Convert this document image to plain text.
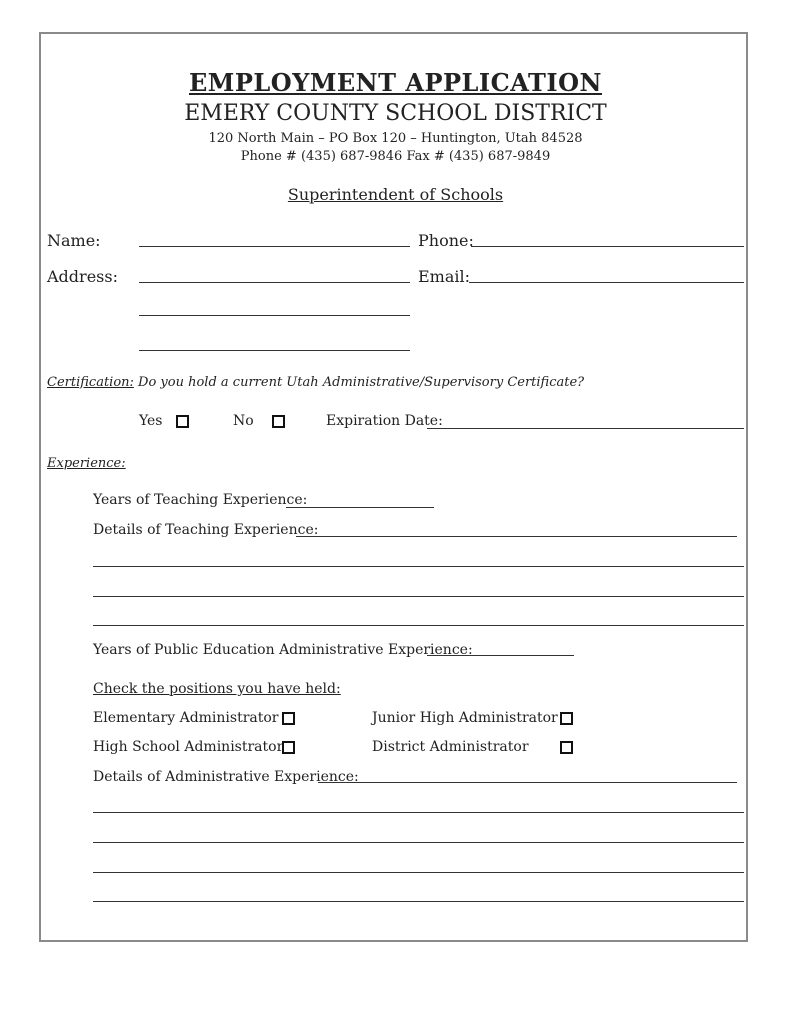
EMPLOYMENT APPLICATION
EMERY COUNTY SCHOOL DISTRICT
120 North Main – PO Box 120 – Huntington, Utah 84528
Phone # (435) 687-9846 Fax # (435) 687-9849
Superintendent of Schools
Name:	Phone:
Address:	Email:
Certification: Do you hold a current Utah Administrative/Supervisory Certificate?
Yes	No	Expiration Date:
Experience:
Years of Teaching Experience:
Details of Teaching Experience:
Years of Public Education Administrative Experience:
Check the positions you have held:
Elementary Administrator	Junior High Administrator
High School Administrator	District Administrator
Details of Administrative Experience:
